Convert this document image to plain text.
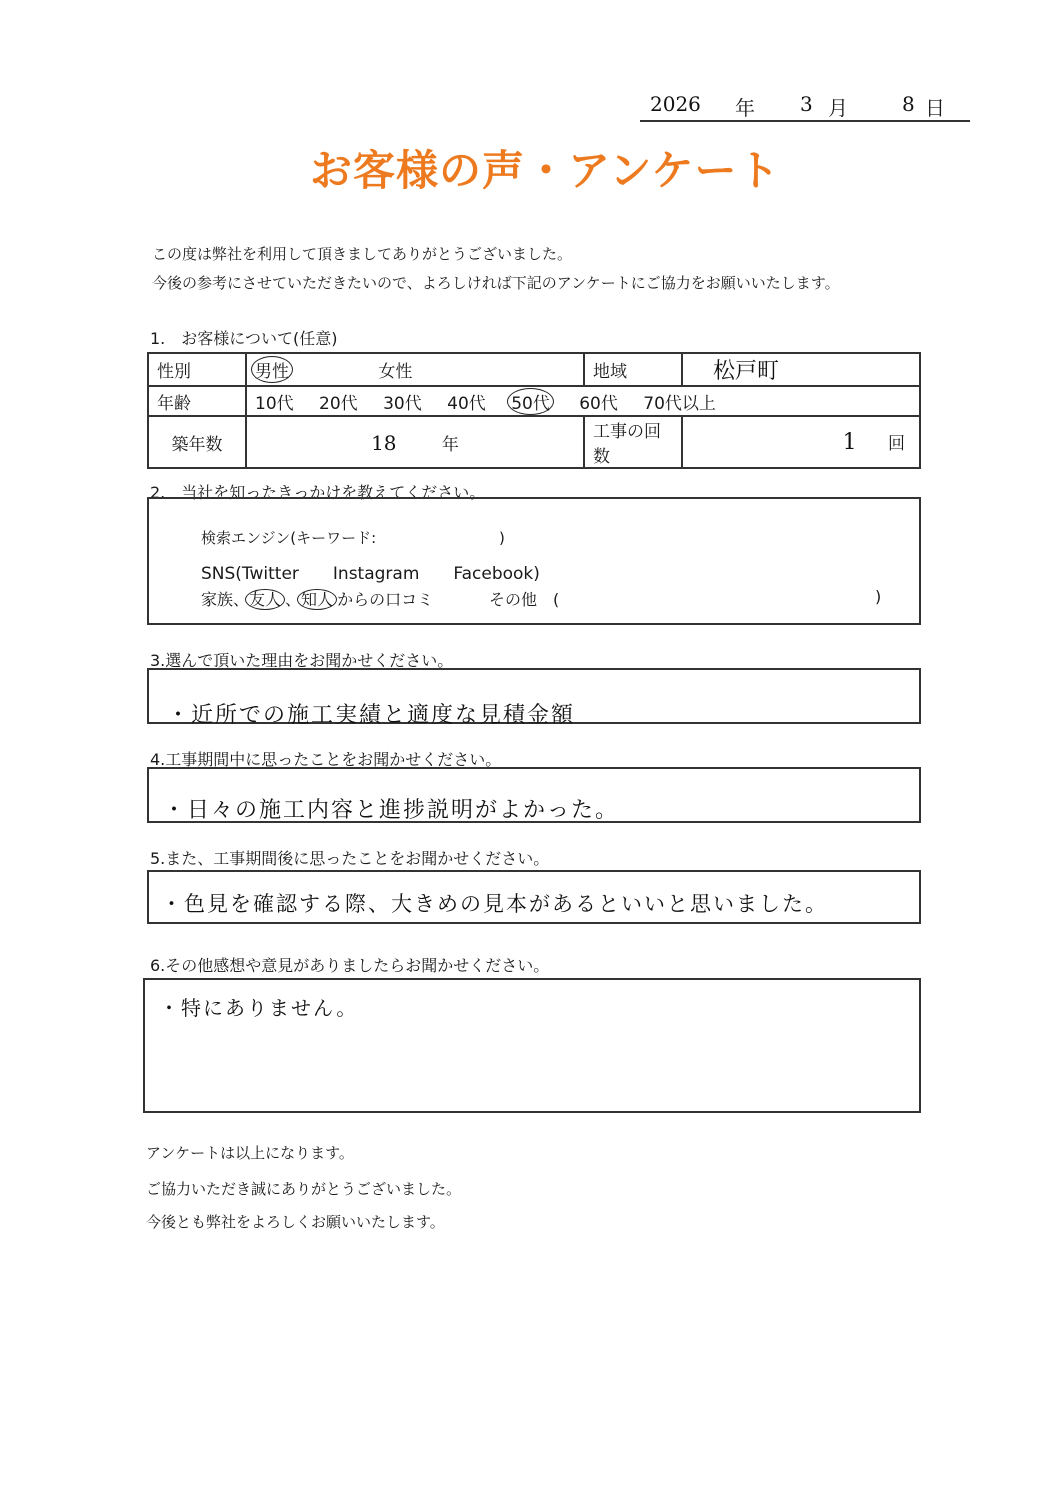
2026 年 3 月	8 日
お客様の声・アンケート
この度は弊社を利用して頂きましてありがとうございました。
今後の参考にさせていただきたいので、よろしければ下記のアンケートにご協力をお願いいたします。
1.　お客様について(任意)
性別	男性 女性	地域	松戸町
年齢	10代 20代 30代 40代 50代 60代 70代以上		
築年数	18 年	工事の回数	1 回
2.　当社を知ったきっかけを教えてください。
検索エンジン(キーワード:	)
SNS(Twitter　　Instagram　　Facebook)
家族、友人 、知人 からの口コミ	その他　(	)
3.選んで頂いた理由をお聞かせください。
・近所での施工実績と適度な見積金額
4.工事期間中に思ったことをお聞かせください。
・日々の施工内容と進捗説明がよかった。
5.また、工事期間後に思ったことをお聞かせください。
・色見を確認する際、大きめの見本があるといいと思いました。
6.その他感想や意見がありましたらお聞かせください。
・特にありません。
アンケートは以上になります。
ご協力いただき誠にありがとうございました。
今後とも弊社をよろしくお願いいたします。
